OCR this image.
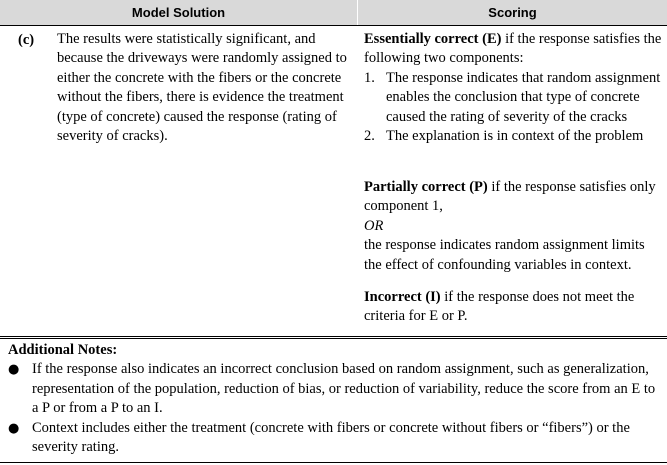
Model Solution	Scoring
(c) The results were statistically significant, and because the driveways were randomly assigned to either the concrete with the fibers or the concrete without the fibers, there is evidence the treatment (type of concrete) caused the response (rating of severity of cracks).

Essentially correct (E) if the response satisfies the following two components:

1. The response indicates that random assignment enables the conclusion that type of concrete caused the rating of severity of the cracks
2. The explanation is in context of the problem

Partially correct (P) if the response satisfies only component 1,

OR

the response indicates random assignment limits the effect of confounding variables in context.

Incorrect (I) if the response does not meet the criteria for E or P.

Additional Notes:

● If the response also indicates an incorrect conclusion based on random assignment, such as generalization, representation of the population, reduction of bias, or reduction of variability, reduce the score from an E to a P or from a P to an I.
● Context includes either the treatment (concrete with fibers or concrete without fibers or “fibers”) or the severity rating.
